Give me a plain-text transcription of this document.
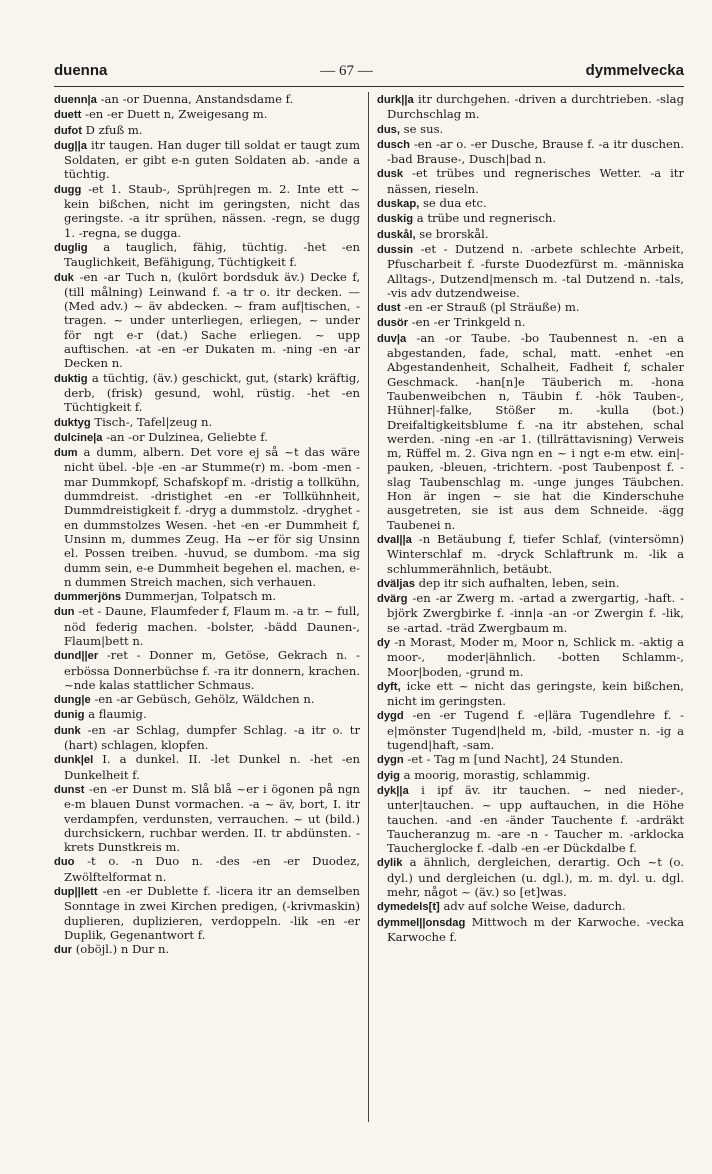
duenna	— 67 —	dymmelvecka

duenn|a -an -or Duenna, Anstandsdame f.

duett -en -er Duett n, Zweigesang m.

dufot D zfuß m.

dug||a itr taugen. Han duger till soldat er taugt zum Soldaten, er gibt e-n guten Soldaten ab. -ande a tüchtig.

dugg -et 1. Staub-, Sprüh|regen m. 2. Inte ett ~ kein bißchen, nicht im geringsten, nicht das geringste. -a itr sprühen, nässen. -regn, se dugg 1. -regna, se dugga.

duglig a tauglich, fähig, tüchtig. -het -en Tauglichkeit, Befähigung, Tüchtigkeit f.

duk -en -ar Tuch n, (kulört bordsduk äv.) Decke f, (till målning) Leinwand f. -a tr o. itr decken. — (Med adv.) ~ äv abdecken. ~ fram auf|tischen, -tragen. ~ under unterliegen, erliegen, ~ under för ngt e-r (dat.) Sache erliegen. ~ upp auftischen. -at -en -er Dukaten m. -ning -en -ar Decken n.

duktig a tüchtig, (äv.) geschickt, gut, (stark) kräftig, derb, (frisk) gesund, wohl, rüstig. -het -en Tüchtigkeit f.

duktyg Tisch-, Tafel|zeug n.

dulcine|a -an -or Dulzinea, Geliebte f.

dum a dumm, albern. Det vore ej så ~t das wäre nicht übel. -b|e -en -ar Stumme(r) m. -bom -men -mar Dummkopf, Schafskopf m. -dristig a tollkühn, dummdreist. -dristighet -en -er Tollkühnheit, Dummdreistigkeit f. -dryg a dummstolz. -dryghet -en dummstolzes Wesen. -het -en -er Dummheit f, Unsinn m, dummes Zeug. Ha ~er för sig Unsinn el. Possen treiben. -huvud, se dumbom. -ma sig dumm sein, e-e Dummheit begehen el. machen, e-n dummen Streich machen, sich verhauen.

dummerjöns Dummerjan, Tolpatsch m.

dun -et - Daune, Flaumfeder f, Flaum m. -a tr. ~ full, nöd federig machen. -bolster, -bädd Daunen-, Flaum|bett n.

dund||er -ret - Donner m, Getöse, Gekrach n. -erbössa Donnerbüchse f. -ra itr donnern, krachen. ~nde kalas stattlicher Schmaus.

dung|e -en -ar Gebüsch, Gehölz, Wäldchen n.

dunig a flaumig.

dunk -en -ar Schlag, dumpfer Schlag. -a itr o. tr (hart) schlagen, klopfen.

dunk|el I. a dunkel. II. -let Dunkel n. -het -en Dunkelheit f.

dunst -en -er Dunst m. Slå blå ~er i ögonen på ngn e-m blauen Dunst vormachen. -a ~ äv, bort, I. itr verdampfen, verdunsten, verrauchen. ~ ut (bild.) durchsickern, ruchbar werden. II. tr abdünsten. -krets Dunstkreis m.

duo -t o. -n Duo n. -des -en -er Duodez, Zwölftelformat n.

dup||lett -en -er Dublette f. -licera itr an demselben Sonntage in zwei Kirchen predigen, (-krivmaskin) duplieren, duplizieren, verdoppeln. -lik -en -er Duplik, Gegenantwort f.

dur (oböjl.) n Dur n.

durk||a itr durchgehen. -driven a durchtrieben. -slag Durchschlag m.

dus, se sus.

dusch -en -ar o. -er Dusche, Brause f. -a itr duschen. -bad Brause-, Dusch|bad n.

dusk -et trübes und regnerisches Wetter. -a itr nässen, rieseln.

duskap, se dua etc.

duskig a trübe und regnerisch.

duskål, se brorskål.

dussin -et - Dutzend n. -arbete schlechte Arbeit, Pfuscharbeit f. -furste Duodezfürst m. -människa Alltags-, Dutzend|mensch m. -tal Dutzend n. -tals, -vis adv dutzendweise.

dust -en -er Strauß (pl Sträuße) m.

dusör -en -er Trinkgeld n.

duv|a -an -or Taube. -bo Taubennest n. -en a abgestanden, fade, schal, matt. -enhet -en Abgestandenheit, Schalheit, Fadheit f, schaler Geschmack. -han[n]e Täuberich m. -hona Taubenweibchen n, Täubin f. -hök Tauben-, Hühner|-falke, Stößer m. -kulla (bot.) Dreifaltigkeitsblume f. -na itr abstehen, schal werden. -ning -en -ar 1. (tillrättavisning) Verweis m, Rüffel m. 2. Giva ngn en ~ i ngt e-m etw. ein|-pauken, -bleuen, -trichtern. -post Taubenpost f. -slag Taubenschlag m. -unge junges Täubchen. Hon är ingen ~ sie hat die Kinderschuhe ausgetreten, sie ist aus dem Schneide. -ägg Taubenei n.

dval||a -n Betäubung f, tiefer Schlaf, (vintersömn) Winterschlaf m. -dryck Schlaftrunk m. -lik a schlummerähnlich, betäubt.

dväljas dep itr sich aufhalten, leben, sein.

dvärg -en -ar Zwerg m. -artad a zwergartig, -haft. -björk Zwergbirke f. -inn|a -an -or Zwergin f. -lik, se -artad. -träd Zwergbaum m.

dy -n Morast, Moder m, Moor n, Schlick m. -aktig a moor-, moder|ähnlich. -botten Schlamm-, Moor|boden, -grund m.

dyft, icke ett ~ nicht das geringste, kein bißchen, nicht im geringsten.

dygd -en -er Tugend f. -e|lära Tugendlehre f. -e|mönster Tugend|held m, -bild, -muster n. -ig a tugend|haft, -sam.

dygn -et - Tag m [und Nacht], 24 Stunden.

dyig a moorig, morastig, schlammig.

dyk||a i ipf äv. itr tauchen. ~ ned nieder-, unter|tauchen. ~ upp auftauchen, in die Höhe tauchen. -and -en -änder Tauchente f. -ardräkt Taucheranzug m. -are -n - Taucher m. -arklocka Taucherglocke f. -dalb -en -er Dückdalbe f.

dylik a ähnlich, dergleichen, derartig. Och ~t (o. dyl.) und dergleichen (u. dgl.), m. m. dyl. u. dgl. mehr, något ~ (äv.) so [et]was.

dymedels[t] adv auf solche Weise, dadurch.

dymmel||onsdag Mittwoch m der Karwoche. -vecka Karwoche f.
